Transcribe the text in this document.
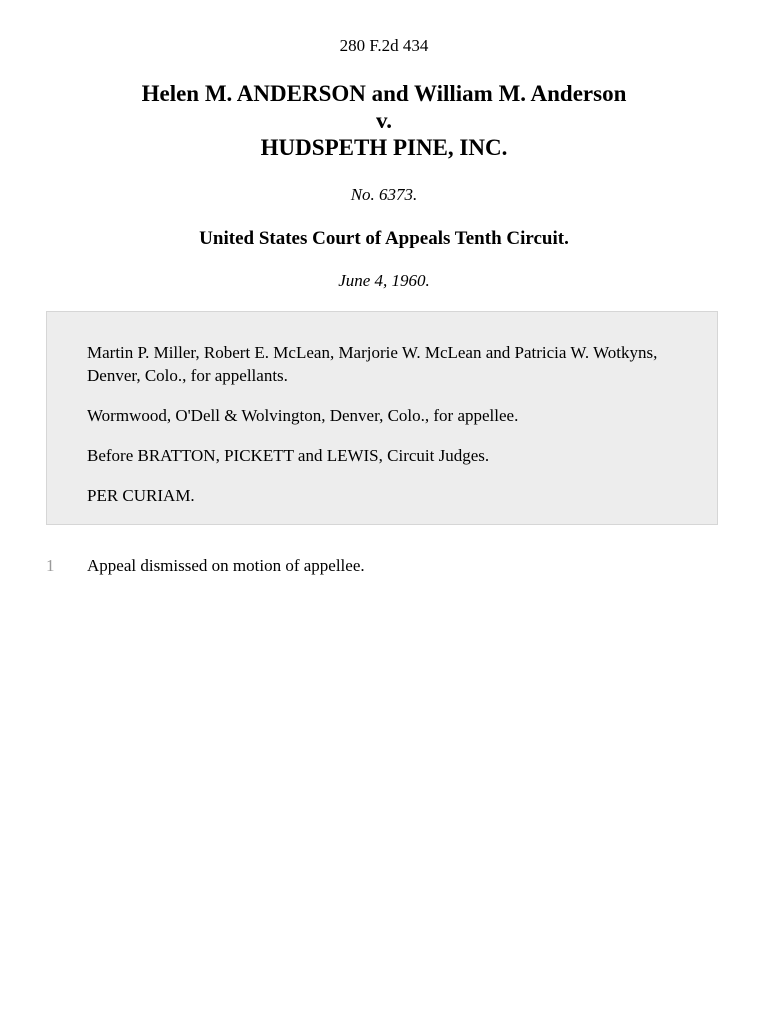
280 F.2d 434
Helen M. ANDERSON and William M. Anderson
v.
HUDSPETH PINE, INC.
No. 6373.
United States Court of Appeals Tenth Circuit.
June 4, 1960.

Martin P. Miller, Robert E. McLean, Marjorie W. McLean and Patricia W. Wotkyns, Denver, Colo., for appellants.

Wormwood, O'Dell & Wolvington, Denver, Colo., for appellee.

Before BRATTON, PICKETT and LEWIS, Circuit Judges.

PER CURIAM.

1 Appeal dismissed on motion of appellee.
